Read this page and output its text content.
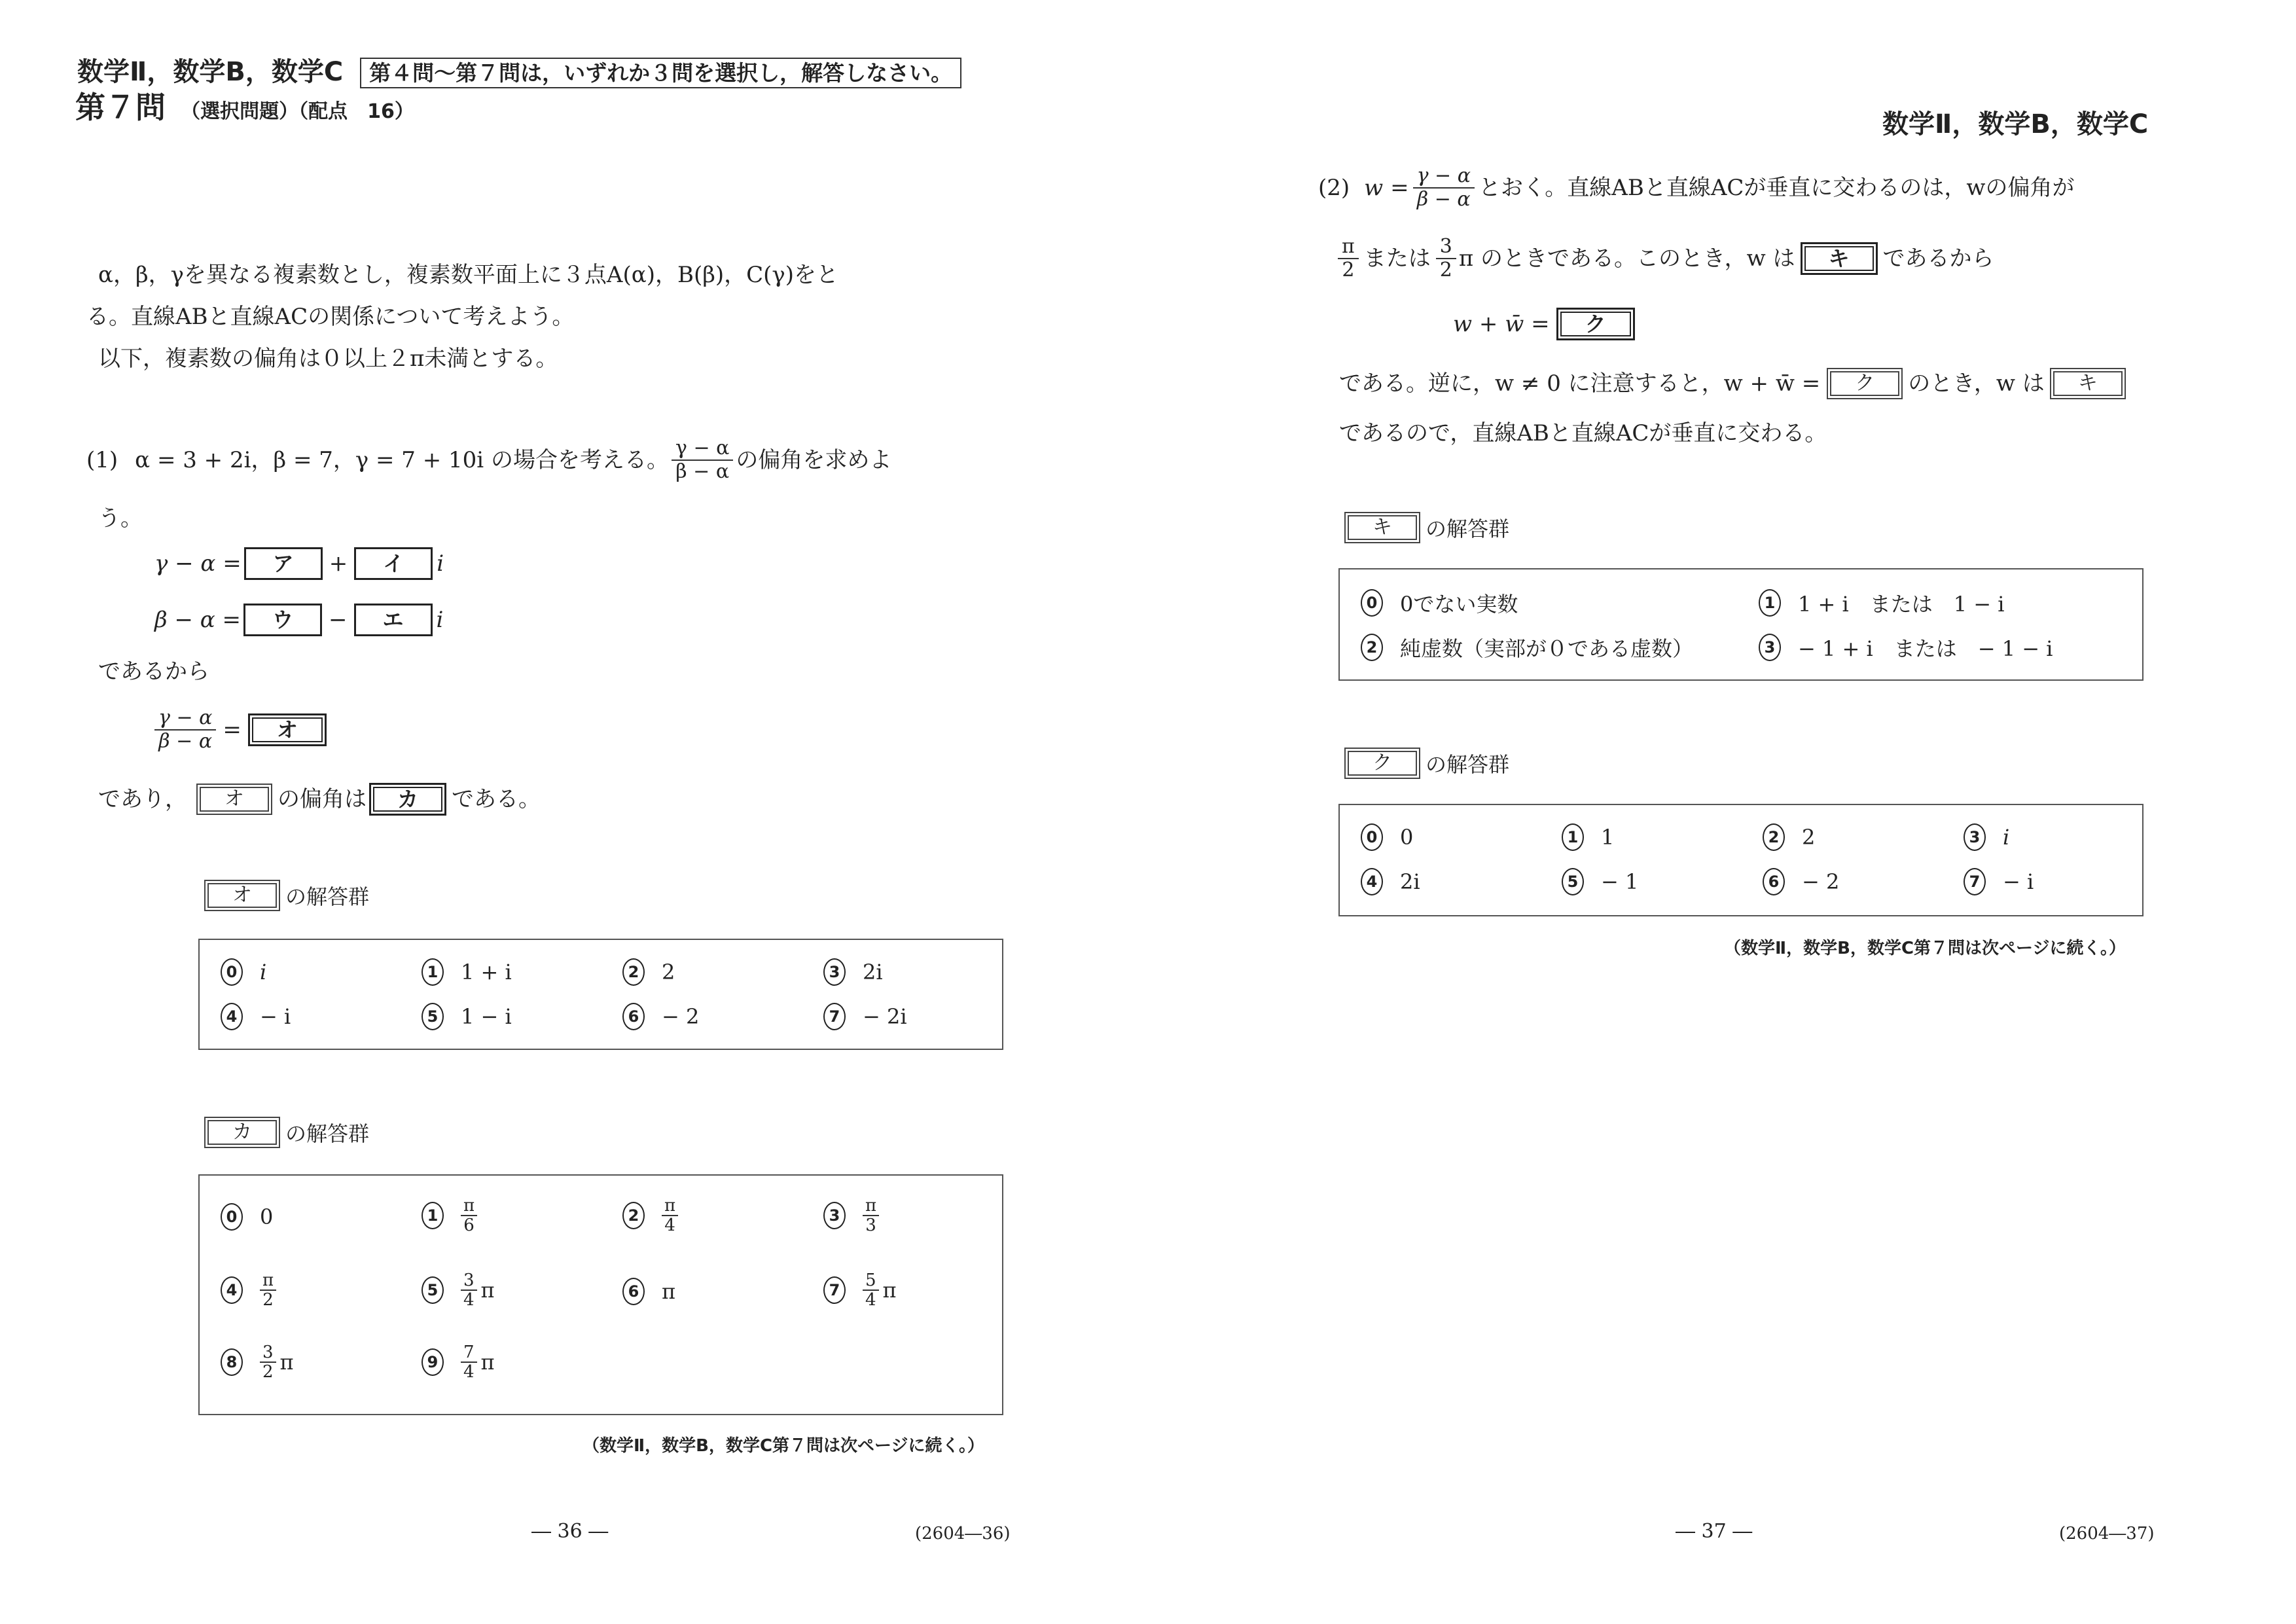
数学Ⅱ，数学B，数学C 第４問～第７問は，いずれか３問を選択し，解答しなさい。
第７問 （選択問題）（配点　16）
α，β，γを異なる複素数とし，複素数平面上に３点A(α)，B(β)，C(γ)をと
る。直線ABと直線ACの関係について考えよう。
以下，複素数の偏角は０以上２π未満とする。
(1) α = 3 + 2i，β = 7，γ = 7 + 10i の場合を考える。 $\frac{\gamma - \alpha}{\beta - \alpha}$ の偏角を求めよ
う。
γ − α =	ア	+	イ	i
β − α =	ウ	−	エ	i
であるから
$\frac{\gamma - \alpha}{\beta - \alpha}$ =	オ
であり，	オ	の偏角は	カ	である。
オ	の解答群
0 i	1 1 + i	2 2	3 2i
4 − i	5 1 − i	6 − 2	7 − 2i
カ	の解答群
0 0	1	$\frac{\pi}{6}$	2	$\frac{\pi}{4}$	3	$\frac{\pi}{3}$
4	$\frac{\pi}{2}$	5	$\frac{3}{4}$ π	6 π	7	$\frac{5}{4}$ π
8	$\frac{3}{2}$ π	9	$\frac{7}{4}$ π
（数学Ⅱ，数学B，数学C第７問は次ページに続く。）
― 36 ―	(2604―36)
数学Ⅱ，数学B，数学C
(2) $w = \frac{\gamma - \alpha}{\beta - \alpha}$ とおく。直線ABと直線ACが垂直に交わるのは，wの偏角が
$\frac{\pi}{2}$ または $\frac{3}{2}$ π のときである。このとき，w は	キ	であるから
w + w̄ =	ク
である。逆に，w ≠ 0 に注意すると，w + w̄ =	ク	のとき，w は	キ
であるので，直線ABと直線ACが垂直に交わる。
キ	の解答群
0 0でない実数	1 1 + i　または　1 − i
2 純虚数（実部が０である虚数）	3 − 1 + i　または　− 1 − i
ク	の解答群
0 0	1 1	2 2	3 i
4 2i	5 − 1	6 − 2	7 − i
（数学Ⅱ，数学B，数学C第７問は次ページに続く。）
― 37 ―	(2604―37)
